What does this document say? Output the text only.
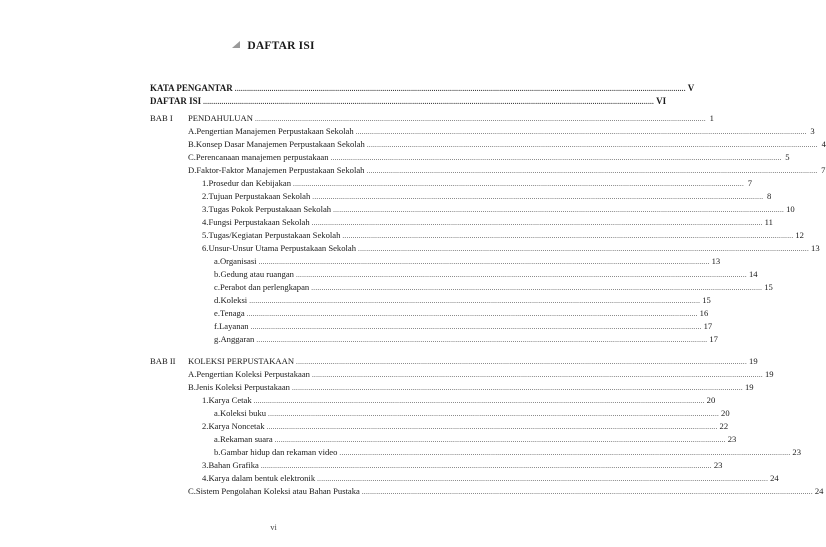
DAFTAR ISI
KATA PENGANTAR ............................................................................................................................................................................................................................ V
DAFTAR ISI ............................................................................................................................................................................................................................ VI
BAB I PENDAHULUAN ............................................................................................................................................................................................................................ 1
A. Pengertian Manajemen Perpustakaan Sekolah ............................................................................................................................................................................................................................ 3
B. Konsep Dasar Manajemen Perpustakaan Sekolah ............................................................................................................................................................................................................................ 4
C. Perencanaan manajemen perpustakaan ............................................................................................................................................................................................................................ 5
D. Faktor-Faktor Manajemen Perpustakaan Sekolah ............................................................................................................................................................................................................................ 7
1. Prosedur dan Kebijakan ............................................................................................................................................................................................................................ 7
2. Tujuan Perpustakaan Sekolah ............................................................................................................................................................................................................................ 8
3. Tugas Pokok Perpustakaan Sekolah ............................................................................................................................................................................................................................ 10
4. Fungsi Perpustakaan Sekolah ............................................................................................................................................................................................................................ 11
5. Tugas/Kegiatan Perpustakaan Sekolah ............................................................................................................................................................................................................................ 12
6. Unsur-Unsur Utama Perpustakaan Sekolah ............................................................................................................................................................................................................................ 13
a. Organisasi ............................................................................................................................................................................................................................ 13
b. Gedung atau ruangan ............................................................................................................................................................................................................................ 14
c. Perabot dan perlengkapan ............................................................................................................................................................................................................................ 15
d. Koleksi ............................................................................................................................................................................................................................ 15
e. Tenaga ............................................................................................................................................................................................................................ 16
f. Layanan ............................................................................................................................................................................................................................ 17
g. Anggaran ............................................................................................................................................................................................................................ 17
BAB II KOLEKSI PERPUSTAKAAN ............................................................................................................................................................................................................................ 19
A. Pengertian Koleksi Perpustakaan ............................................................................................................................................................................................................................ 19
B. Jenis Koleksi Perpustakaan ............................................................................................................................................................................................................................ 19
1. Karya Cetak ............................................................................................................................................................................................................................ 20
a. Koleksi buku ............................................................................................................................................................................................................................ 20
2. Karya Noncetak ............................................................................................................................................................................................................................ 22
a. Rekaman suara ............................................................................................................................................................................................................................ 23
b. Gambar hidup dan rekaman video ............................................................................................................................................................................................................................ 23
3. Bahan Grafika ............................................................................................................................................................................................................................ 23
4. Karya dalam bentuk elektronik ............................................................................................................................................................................................................................ 24
C. Sistem Pengolahan Koleksi atau Bahan Pustaka ............................................................................................................................................................................................................................ 24
vi
